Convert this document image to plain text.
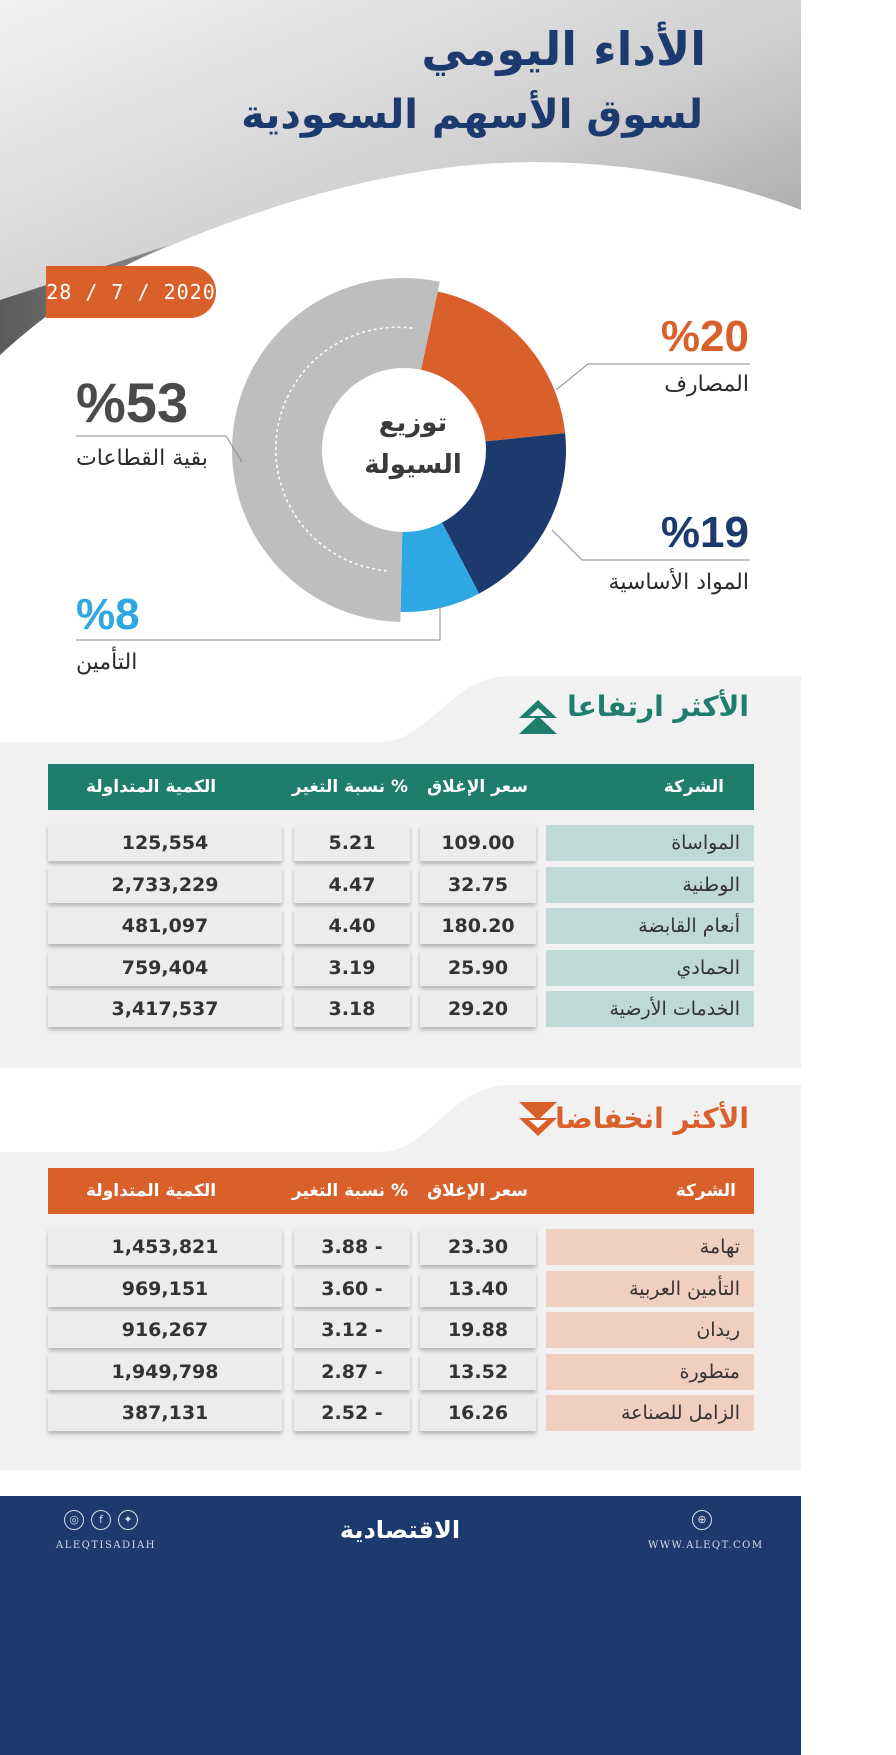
الأداء اليومي
لسوق الأسهم السعودية
28 / 7 / 2020
توزيع
السيولة
%20
المصارف
%19
المواد الأساسية
%8
التأمين
%53
بقية القطاعات
الأكثر ارتفاعا
الشركة
سعر الإغلاق
نسبة التغير %
الكمية المتداولة
125,554	5.21	109.00	المواساة
2,733,229	4.47	32.75	الوطنية
481,097	4.40	180.20	أنعام القابضة
759,404	3.19	25.90	الحمادي
3,417,537	3.18	29.20	الخدمات الأرضية
الأكثر انخفاضا
الشركة
سعر الإغلاق
نسبة التغير %
الكمية المتداولة
1,453,821	3.88 -	23.30	تهامة
969,151	3.60 -	13.40	التأمين العربية
916,267	3.12 -	19.88	ريدان
1,949,798	2.87 -	13.52	متطورة
387,131	2.52 -	16.26	الزامل للصناعة
◎	f	✦
ALEQTISADIAH
الاقتصادية	⊕
WWW.ALEQT.COM
